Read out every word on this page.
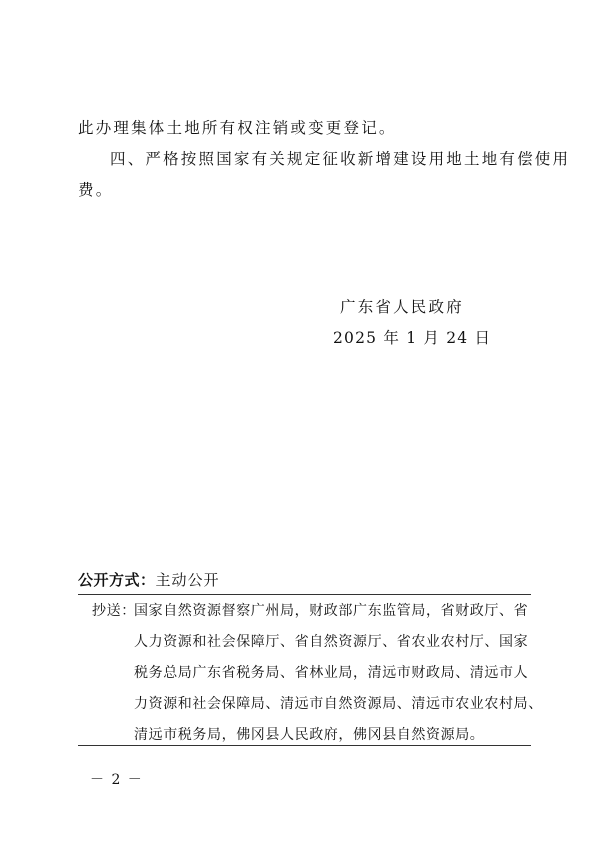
此办理集体土地所有权注销或变更登记。
四、严格按照国家有关规定征收新增建设用地土地有偿使用
费。
广东省人民政府
2025 年 1 月 24 日
公开方式：主动公开
抄送：
国家自然资源督察广州局，财政部广东监管局，省财政厅、省
人力资源和社会保障厅、省自然资源厅、省农业农村厅、国家
税务总局广东省税务局、省林业局，清远市财政局、清远市人
力资源和社会保障局、清远市自然资源局、清远市农业农村局、
清远市税务局，佛冈县人民政府，佛冈县自然资源局。
－ 2 －
